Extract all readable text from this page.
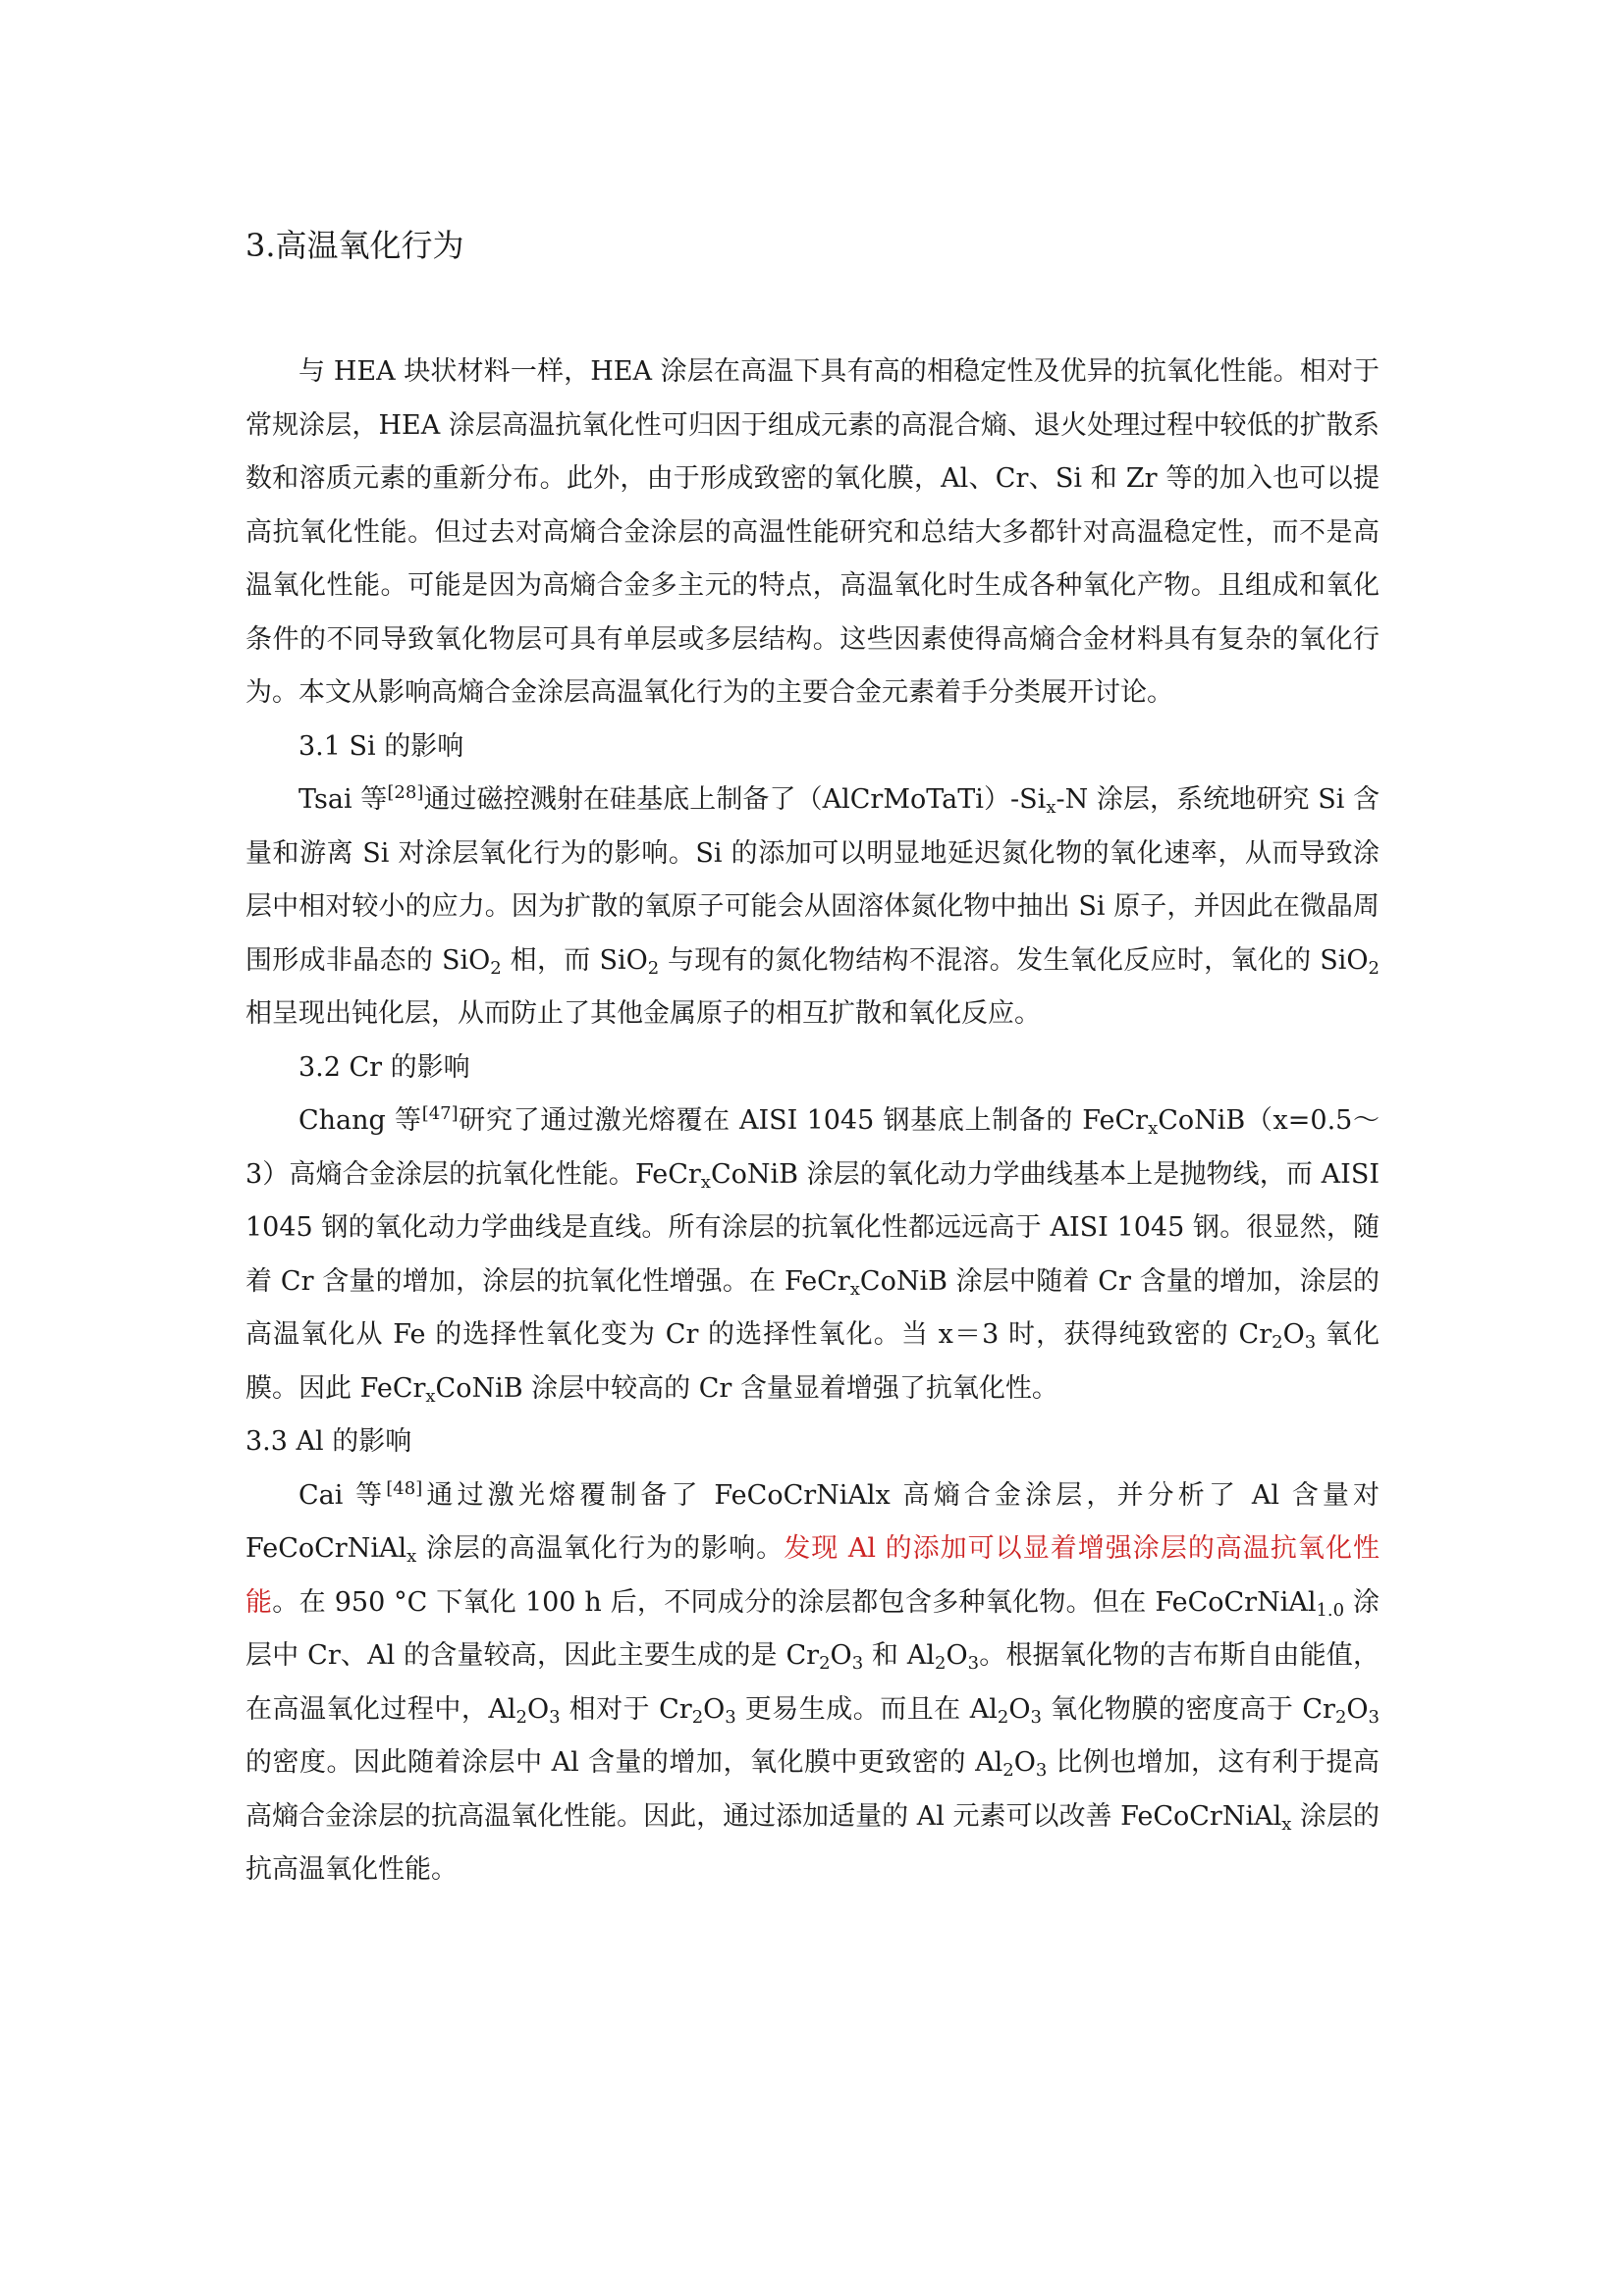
3.高温氧化行为

与 HEA 块状材料一样，HEA 涂层在高温下具有高的相稳定性及优异的抗氧化性能。相对于常规涂层，HEA 涂层高温抗氧化性可归因于组成元素的高混合熵、退火处理过程中较低的扩散系数和溶质元素的重新分布。此外，由于形成致密的氧化膜，Al、Cr、Si 和 Zr 等的加入也可以提高抗氧化性能。但过去对高熵合金涂层的高温性能研究和总结大多都针对高温稳定性，而不是高温氧化性能。可能是因为高熵合金多主元的特点，高温氧化时生成各种氧化产物。且组成和氧化条件的不同导致氧化物层可具有单层或多层结构。这些因素使得高熵合金材料具有复杂的氧化行为。本文从影响高熵合金涂层高温氧化行为的主要合金元素着手分类展开讨论。

3.1 Si 的影响

Tsai 等[28]通过磁控溅射在硅基底上制备了$(AlCrMoTaTi)-Si_x-N$ 涂层，系统地研究 Si 含量和游离 Si 对涂层氧化行为的影响。Si 的添加可以明显地延迟氮化物的氧化速率，从而导致涂层中相对较小的应力。因为扩散的氧原子可能会从固溶体氮化物中抽出 Si 原子，并因此在微晶周围形成非晶态的 SiO$_2$ 相，而 SiO$_2$ 与现有的氮化物结构不混溶。发生氧化反应时，氧化的 SiO$_2$ 相呈现出钝化层，从而防止了其他金属原子的相互扩散和氧化反应。

3.2 Cr 的影响

Chang 等[47]研究了通过激光熔覆在 AISI 1045 钢基底上制备的 FeCr$_x$CoNiB（x=0.5～3）高熵合金涂层的抗氧化性能。FeCr$_x$CoNiB 涂层的氧化动力学曲线基本上是抛物线，而 AISI 1045 钢的氧化动力学曲线是直线。所有涂层的抗氧化性都远远高于 AISI 1045 钢。很显然，随着 Cr 含量的增加，涂层的抗氧化性增强。在 FeCr$_x$CoNiB 涂层中随着 Cr 含量的增加，涂层的高温氧化从 Fe 的选择性氧化变为 Cr 的选择性氧化。当 x＝3 时，获得纯致密的 $Cr_2O_3$ 氧化膜。因此 FeCr$_x$CoNiB 涂层中较高的 Cr 含量显着增强了抗氧化性。

3.3 Al 的影响

Cai 等[48]通过激光熔覆制备了 FeCoCrNiAlx 高熵合金涂层，并分析了 Al 含量对 FeCoCrNiAl$_x$ 涂层的高温氧化行为的影响。发现 Al 的添加可以显着增强涂层的高温抗氧化性能。在 950 °C 下氧化 100 h 后，不同成分的涂层都包含多种氧化物。但在 FeCoCrNiAl$_{1.0}$ 涂层中 Cr、Al 的含量较高，因此主要生成的是 $Cr_2O_3$ 和 $Al_2O_3$。根据氧化物的吉布斯自由能值，在高温氧化过程中，$Al_2O_3$ 相对于 $Cr_2O_3$ 更易生成。而且在 $Al_2O_3$ 氧化物膜的密度高于 $Cr_2O_3$ 的密度。因此随着涂层中 Al 含量的增加，氧化膜中更致密的 $Al_2O_3$ 比例也增加，这有利于提高高熵合金涂层的抗高温氧化性能。因此，通过添加适量的 Al 元素可以改善 FeCoCrNiAl$_x$ 涂层的抗高温氧化性能。
